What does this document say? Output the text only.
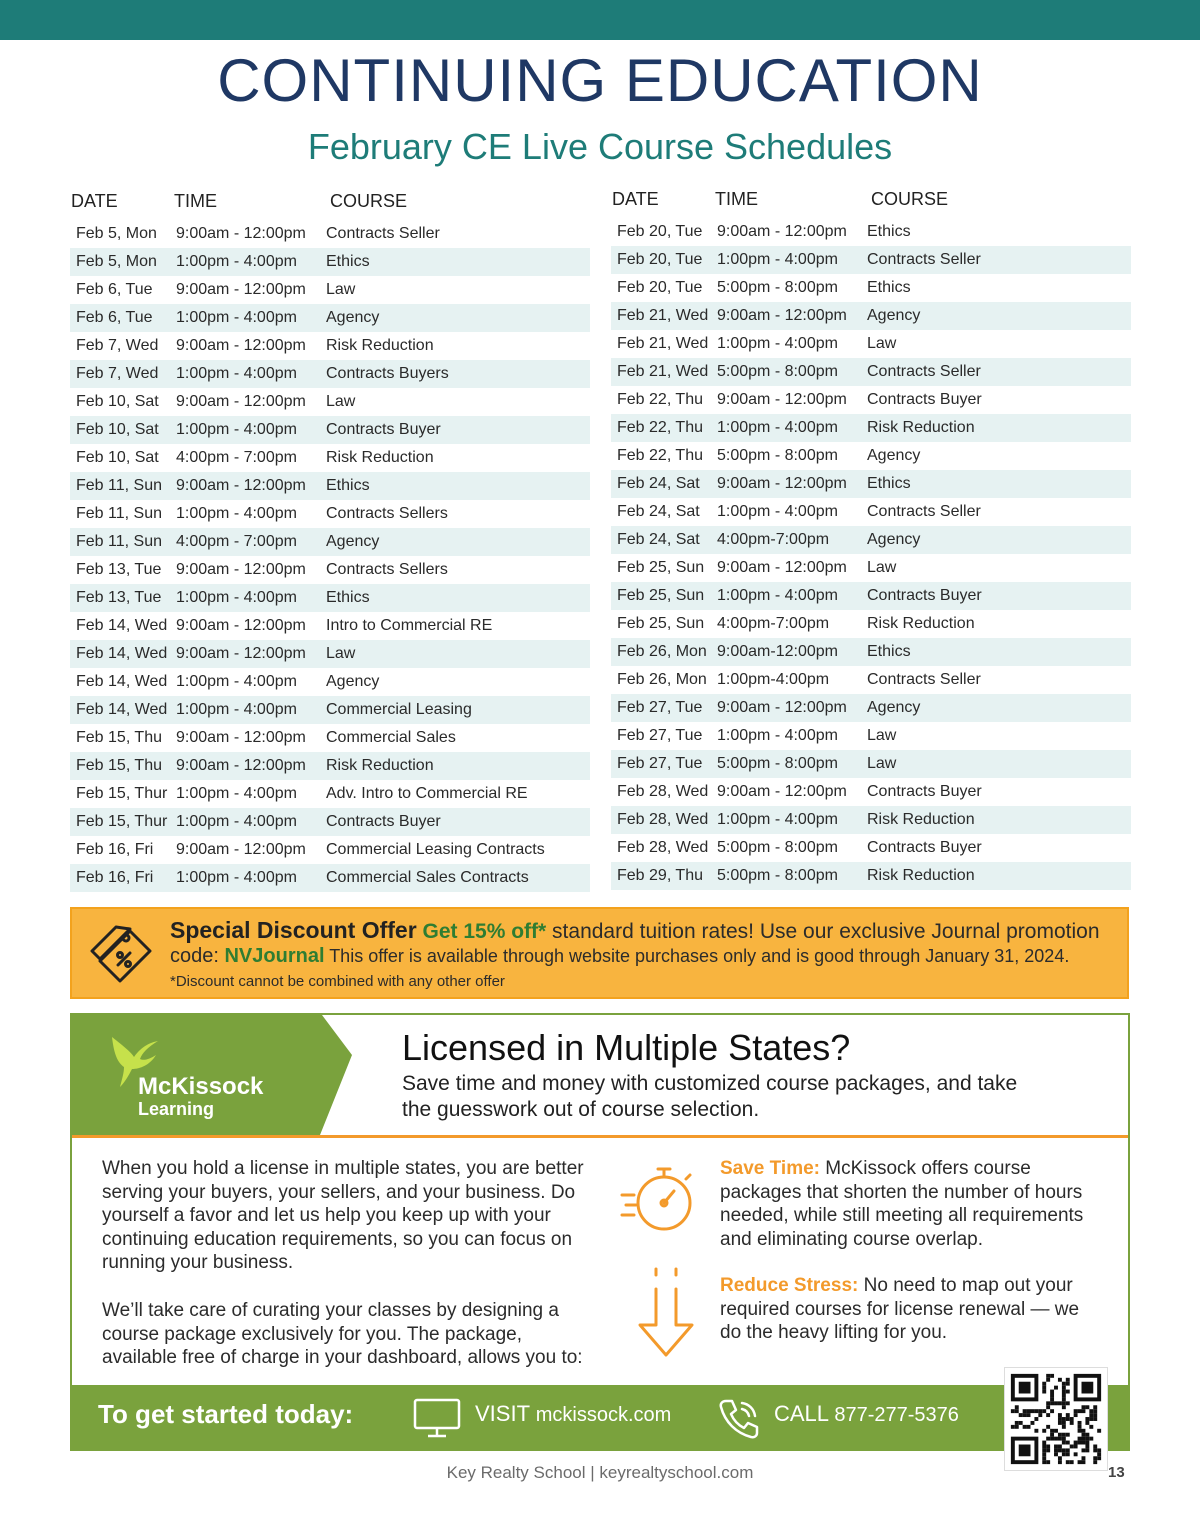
CONTINUING EDUCATION
February CE Live Course Schedules
DATE	TIME	COURSE
Feb 5, Mon	9:00am - 12:00pm	Contracts Seller
Feb 5, Mon	1:00pm - 4:00pm	Ethics
Feb 6, Tue	9:00am - 12:00pm	Law
Feb 6, Tue	1:00pm - 4:00pm	Agency
Feb 7, Wed	9:00am - 12:00pm	Risk Reduction
Feb 7, Wed	1:00pm - 4:00pm	Contracts Buyers
Feb 10, Sat	9:00am - 12:00pm	Law
Feb 10, Sat	1:00pm - 4:00pm	Contracts Buyer
Feb 10, Sat	4:00pm - 7:00pm	Risk Reduction
Feb 11, Sun 9:00am - 12:00pm	Ethics
Feb 11, Sun 1:00pm - 4:00pm	Contracts Sellers
Feb 11, Sun 4:00pm - 7:00pm	Agency
Feb 13, Tue 9:00am - 12:00pm	Contracts Sellers
Feb 13, Tue 1:00pm - 4:00pm	Ethics
Feb 14, Wed 9:00am - 12:00pm	Intro to Commercial RE
Feb 14, Wed 9:00am - 12:00pm	Law
Feb 14, Wed 1:00pm - 4:00pm	Agency
Feb 14, Wed 1:00pm - 4:00pm	Commercial Leasing
Feb 15, Thu 9:00am - 12:00pm	Commercial Sales
Feb 15, Thu 9:00am - 12:00pm	Risk Reduction
Feb 15, Thur 1:00pm - 4:00pm	Adv. Intro to Commercial RE
Feb 15, Thur 1:00pm - 4:00pm	Contracts Buyer
Feb 16, Fri	9:00am - 12:00pm	Commercial Leasing Contracts
Feb 16, Fri	1:00pm - 4:00pm	Commercial Sales Contracts
DATE	TIME	COURSE
Feb 20, Tue 9:00am - 12:00pm	Ethics
Feb 20, Tue 1:00pm - 4:00pm	Contracts Seller
Feb 20, Tue 5:00pm - 8:00pm	Ethics
Feb 21, Wed 9:00am - 12:00pm	Agency
Feb 21, Wed 1:00pm - 4:00pm	Law
Feb 21, Wed 5:00pm - 8:00pm	Contracts Seller
Feb 22, Thu 9:00am - 12:00pm	Contracts Buyer
Feb 22, Thu 1:00pm - 4:00pm	Risk Reduction
Feb 22, Thu 5:00pm - 8:00pm	Agency
Feb 24, Sat	9:00am - 12:00pm	Ethics
Feb 24, Sat	1:00pm - 4:00pm	Contracts Seller
Feb 24, Sat	4:00pm-7:00pm	Agency
Feb 25, Sun 9:00am - 12:00pm	Law
Feb 25, Sun 1:00pm - 4:00pm	Contracts Buyer
Feb 25, Sun 4:00pm-7:00pm	Risk Reduction
Feb 26, Mon 9:00am-12:00pm	Ethics
Feb 26, Mon 1:00pm-4:00pm	Contracts Seller
Feb 27, Tue 9:00am - 12:00pm	Agency
Feb 27, Tue 1:00pm - 4:00pm	Law
Feb 27, Tue 5:00pm - 8:00pm	Law
Feb 28, Wed 9:00am - 12:00pm	Contracts Buyer
Feb 28, Wed 1:00pm - 4:00pm	Risk Reduction
Feb 28, Wed 5:00pm - 8:00pm	Contracts Buyer
Feb 29, Thu 5:00pm - 8:00pm	Risk Reduction
Special Discount Offer Get 15% off* standard tuition rates! Use our exclusive Journal promotion
code: NVJournal This offer is available through website purchases only and is good through January 31, 2024.
*Discount cannot be combined with any other offer
McKissock
Learning
Licensed in Multiple States?
Save time and money with customized course packages, and take the guesswork out of course selection.
When you hold a license in multiple states, you are better serving your buyers, your sellers, and your business. Do yourself a favor and let us help you keep up with your continuing education requirements, so you can focus on running your business.
We’ll take care of curating your classes by designing a course package exclusively for you. The package, available free of charge in your dashboard, allows you to:
Save Time: McKissock offers course packages that shorten the number of hours needed, while still meeting all requirements and eliminating course overlap.
Reduce Stress: No need to map out your required courses for license renewal — we do the heavy lifting for you.
To get started today:	VISIT mckissock.com	CALL 877-277-5376
Key Realty School | keyrealtyschool.com	13
